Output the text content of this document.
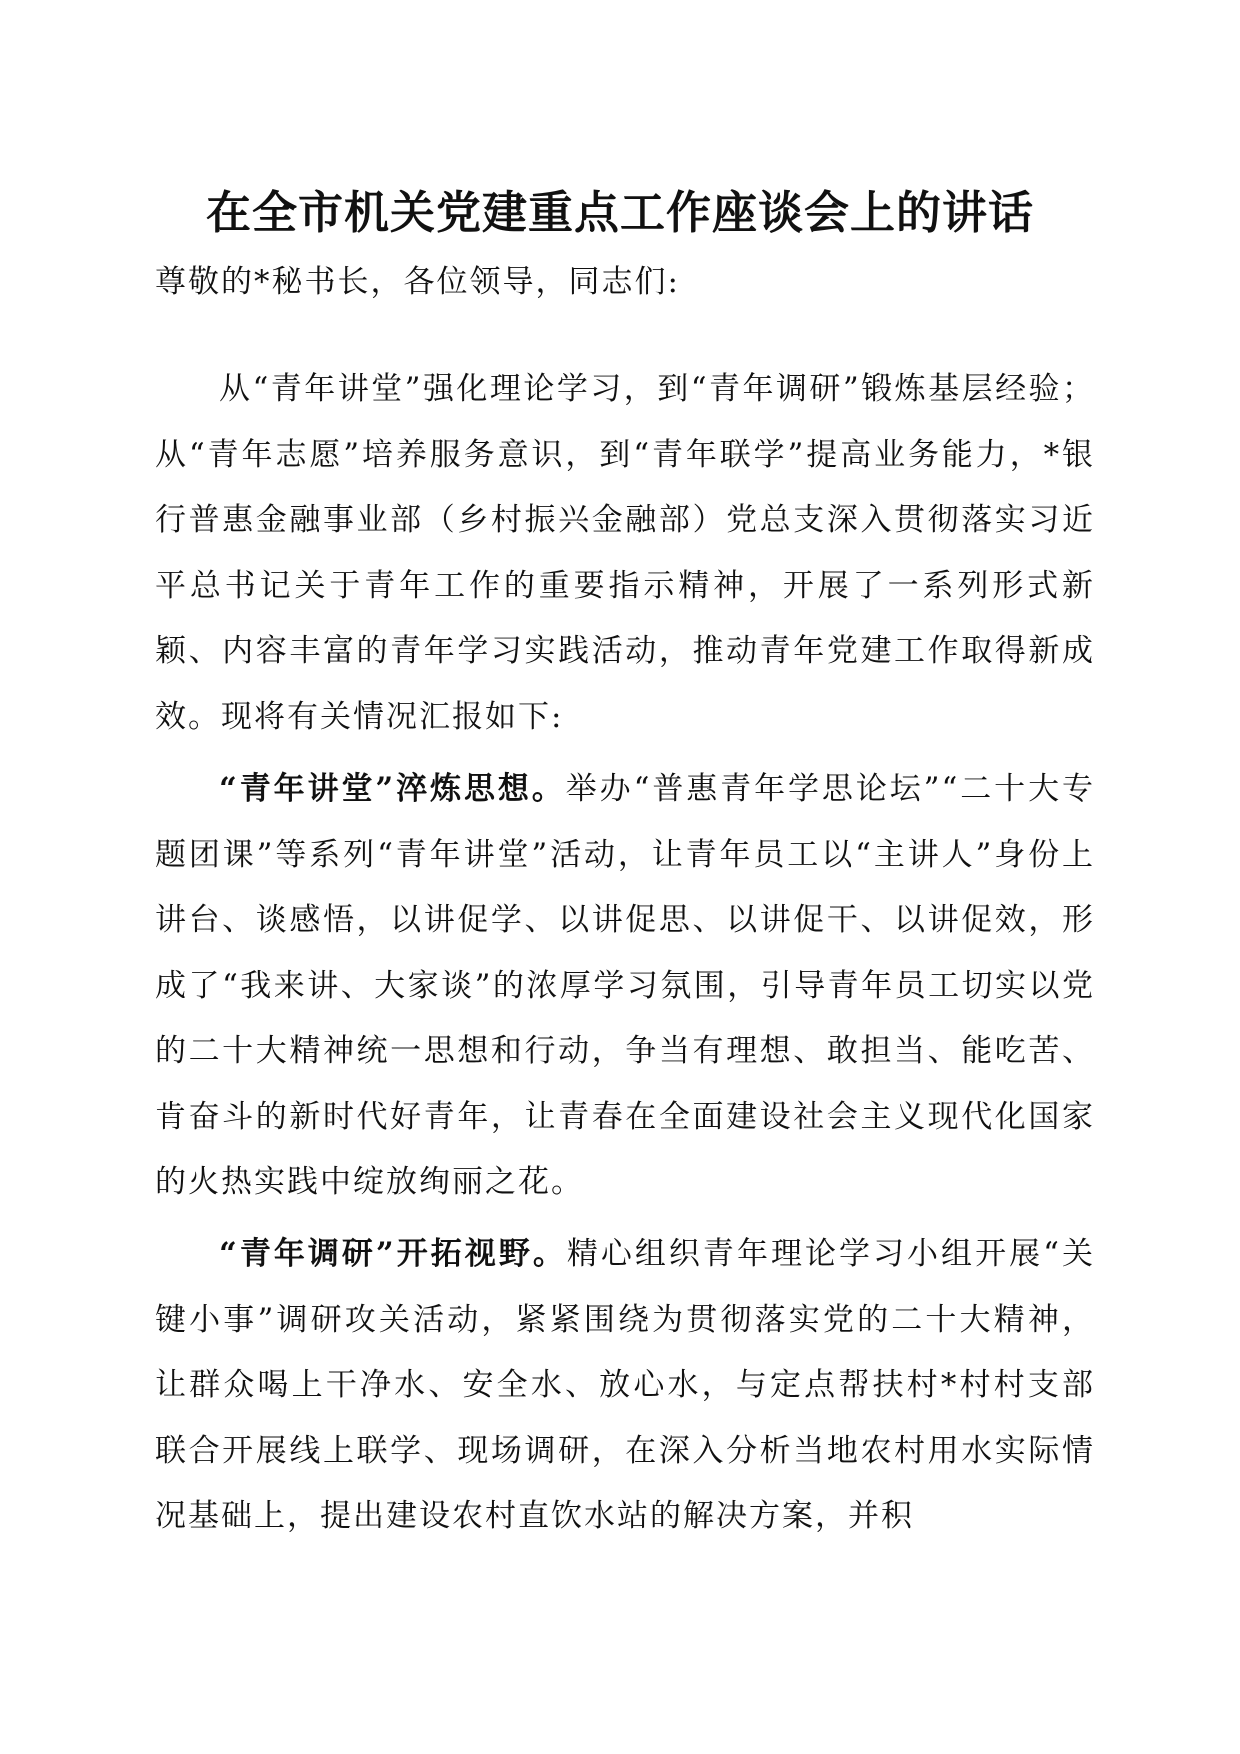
在全市机关党建重点工作座谈会上的讲话

尊敬的*秘书长，各位领导，同志们:

从“青年讲堂”强化理论学习，到“青年调研”锻炼基层经验；从“青年志愿”培养服务意识，到“青年联学”提高业务能力，*银行普惠金融事业部（乡村振兴金融部）党总支深入贯彻落实习近平总书记关于青年工作的重要指示精神，开展了一系列形式新颖、内容丰富的青年学习实践活动，推动青年党建工作取得新成效。现将有关情况汇报如下:

“青年讲堂”淬炼思想。举办“普惠青年学思论坛”“二十大专题团课”等系列“青年讲堂”活动，让青年员工以“主讲人”身份上讲台、谈感悟，以讲促学、以讲促思、以讲促干、以讲促效，形成了“我来讲、大家谈”的浓厚学习氛围，引导青年员工切实以党的二十大精神统一思想和行动，争当有理想、敢担当、能吃苦、肯奋斗的新时代好青年，让青春在全面建设社会主义现代化国家的火热实践中绽放绚丽之花。

“青年调研”开拓视野。精心组织青年理论学习小组开展“关键小事”调研攻关活动，紧紧围绕为贯彻落实党的二十大精神，让群众喝上干净水、安全水、放心水，与定点帮扶村*村村支部联合开展线上联学、现场调研，在深入分析当地农村用水实际情况基础上，提出建设农村直饮水站的解决方案，并积
